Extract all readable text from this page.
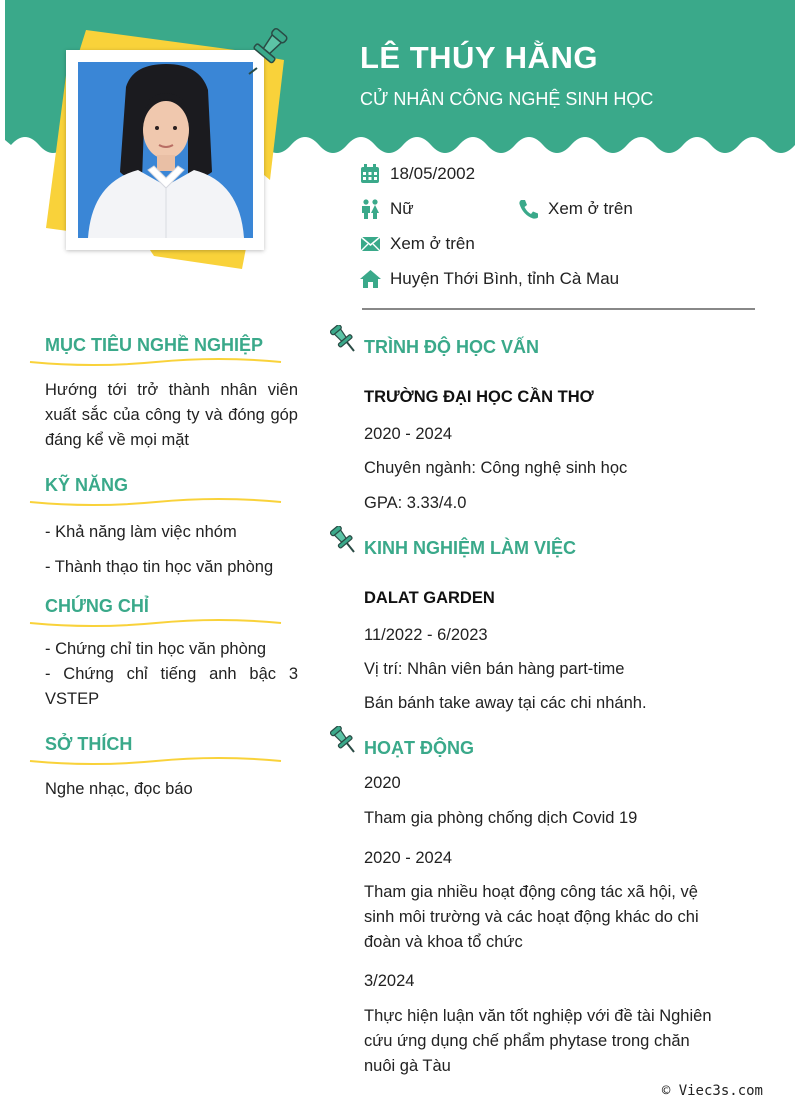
LÊ THÚY HẰNG
CỬ NHÂN CÔNG NGHỆ SINH HỌC
18/05/2002
Nữ	Xem ở trên
Xem ở trên
Huyện Thới Bình, tỉnh Cà Mau
MỤC TIÊU NGHỀ NGHIỆP
Hướng tới trở thành nhân viên xuất sắc của công ty và đóng góp đáng kể về mọi mặt
KỸ NĂNG
- Khả năng làm việc nhóm
- Thành thạo tin học văn phòng
CHỨNG CHỈ
- Chứng chỉ tin học văn phòng
- Chứng chỉ tiếng anh bậc 3 VSTEP
SỞ THÍCH
Nghe nhạc, đọc báo
TRÌNH ĐỘ HỌC VẤN
TRƯỜNG ĐẠI HỌC CẦN THƠ
2020 - 2024
Chuyên ngành: Công nghệ sinh học
GPA: 3.33/4.0
KINH NGHIỆM LÀM VIỆC
DALAT GARDEN
11/2022 - 6/2023
Vị trí: Nhân viên bán hàng part-time
Bán bánh take away tại các chi nhánh.
HOẠT ĐỘNG
2020
Tham gia phòng chống dịch Covid 19
2020 - 2024
Tham gia nhiều hoạt động công tác xã hội, vệ sinh môi trường và các hoạt động khác do chi đoàn và khoa tổ chức
3/2024
Thực hiện luận văn tốt nghiệp với đề tài Nghiên cứu ứng dụng chế phẩm phytase trong chăn nuôi gà Tàu
© Viec3s.com
